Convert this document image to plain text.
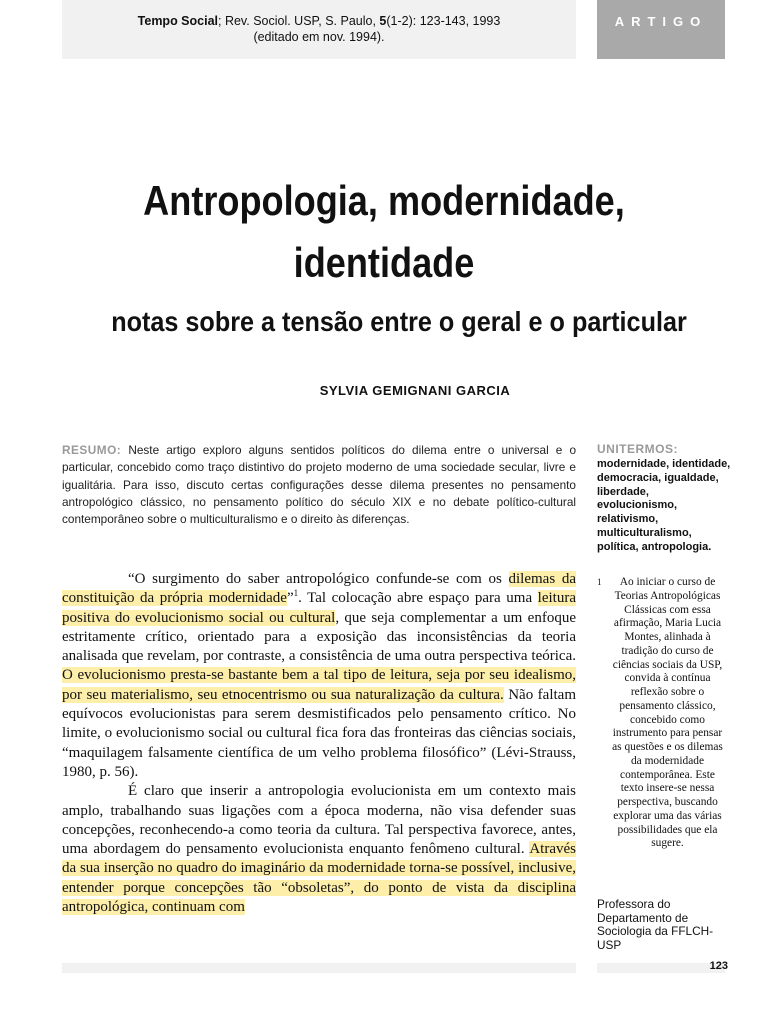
Tempo Social; Rev. Sociol. USP, S. Paulo, 5(1-2): 123-143, 1993
(editado em nov. 1994).
ARTIGO
Antropologia, modernidade,
identidade
notas sobre a tensão entre o geral e o particular
SYLVIA GEMIGNANI GARCIA
RESUMO: Neste artigo exploro alguns sentidos políticos do dilema entre o universal e o particular, concebido como traço distintivo do projeto moderno de uma sociedade secular, livre e igualitária. Para isso, discuto certas configurações desse dilema presentes no pensamento antropológico clássico, no pensamento político do século XIX e no debate político-cultural contemporâneo sobre o multiculturalismo e o direito às diferenças.
UNITERMOS:
modernidade, identidade, democracia, igualdade, liberdade, evolucionismo, relativismo, multiculturalismo, política, antropologia.

“O surgimento do saber antropológico confunde-se com os dilemas da constituição da própria modernidade”$^1$. Tal colocação abre espaço para uma leitura positiva do evolucionismo social ou cultural, que seja complementar a um enfoque estritamente crítico, orientado para a exposição das inconsistências da teoria analisada que revelam, por contraste, a consistência de uma outra perspectiva teórica. O evolucionismo presta-se bastante bem a tal tipo de leitura, seja por seu idealismo, por seu materialismo, seu etnocentrismo ou sua naturalização da cultura. Não faltam equívocos evolucionistas para serem desmistificados pelo pensamento crítico. No limite, o evolucionismo social ou cultural fica fora das fronteiras das ciências sociais, “maquilagem falsamente científica de um velho problema filosófico” (Lévi-Strauss, 1980, p. 56).

É claro que inserir a antropologia evolucionista em um contexto mais amplo, trabalhando suas ligações com a época moderna, não visa defender suas concepções, reconhecendo-a como teoria da cultura. Tal perspectiva favorece, antes, uma abordagem do pensamento evolucionista enquanto fenômeno cultural. Através da sua inserção no quadro do imaginário da modernidade torna-se possível, inclusive, entender porque concepções tão “obsoletas”, do ponto de vista da disciplina antropológica, continuam com

1	Ao iniciar o curso de Teorias Antropológicas Clássicas com essa afirmação, Maria Lucia Montes, alinhada à tradição do curso de ciências sociais da USP, convida à contínua reflexão sobre o pensamento clássico, concebido como instrumento para pensar as questões e os dilemas da modernidade contemporânea. Este texto insere-se nessa perspectiva, buscando explorar uma das várias possibilidades que ela sugere.
Professora do Departamento de Sociologia da FFLCH-USP
123
